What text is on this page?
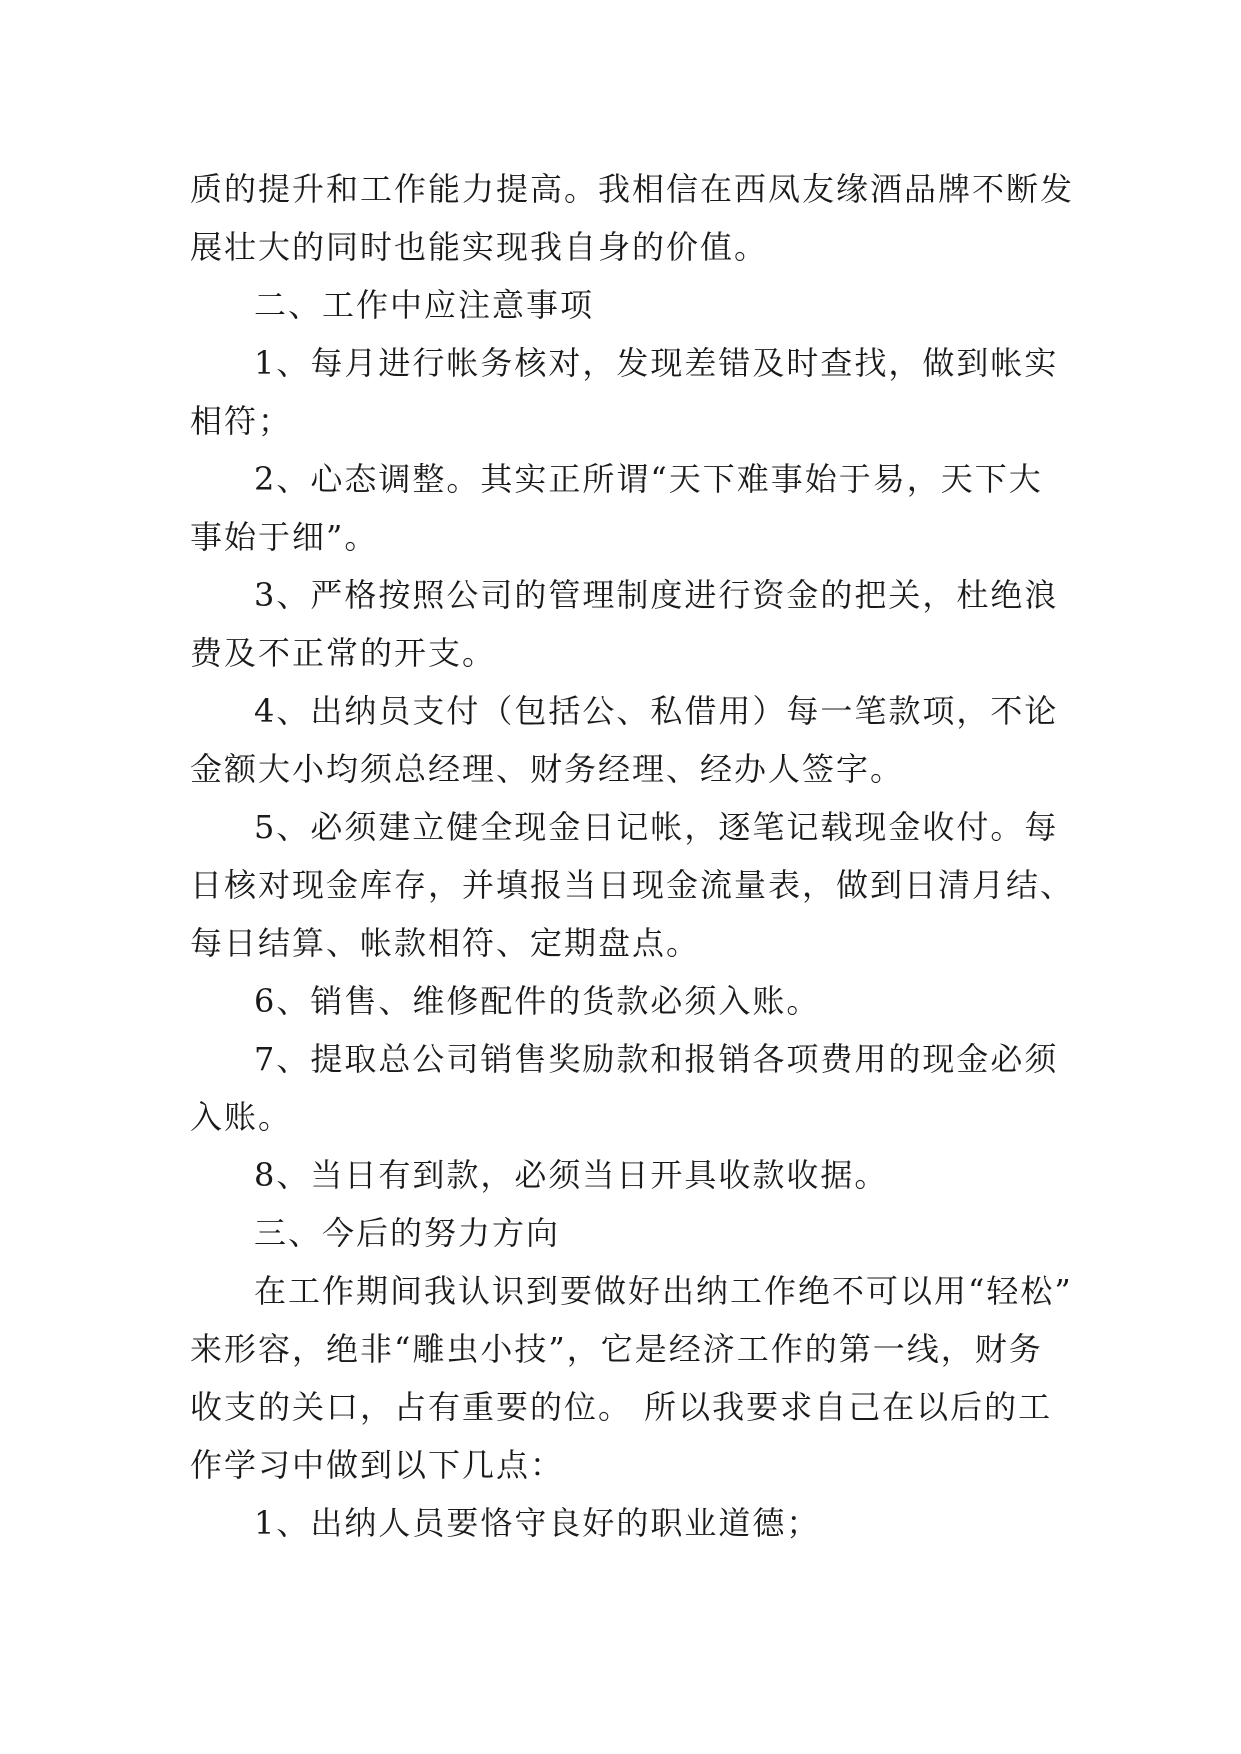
质的提升和工作能力提高。我相信在西凤友缘酒品牌不断发
展壮大的同时也能实现我自身的价值。
二、工作中应注意事项
1、每月进行帐务核对，发现差错及时查找，做到帐实
相符；
2、心态调整。其实正所谓“天下难事始于易，天下大
事始于细”。
3、严格按照公司的管理制度进行资金的把关，杜绝浪
费及不正常的开支。
4、出纳员支付（包括公、私借用）每一笔款项，不论
金额大小均须总经理、财务经理、经办人签字。
5、必须建立健全现金日记帐，逐笔记载现金收付。每
日核对现金库存，并填报当日现金流量表，做到日清月结、
每日结算、帐款相符、定期盘点。
6、销售、维修配件的货款必须入账。
7、提取总公司销售奖励款和报销各项费用的现金必须
入账。
8、当日有到款，必须当日开具收款收据。
三、今后的努力方向
在工作期间我认识到要做好出纳工作绝不可以用“轻松”
来形容，绝非“雕虫小技”，它是经济工作的第一线，财务
收支的关口，占有重要的位。 所以我要求自己在以后的工
作学习中做到以下几点：
1、出纳人员要恪守良好的职业道德；
